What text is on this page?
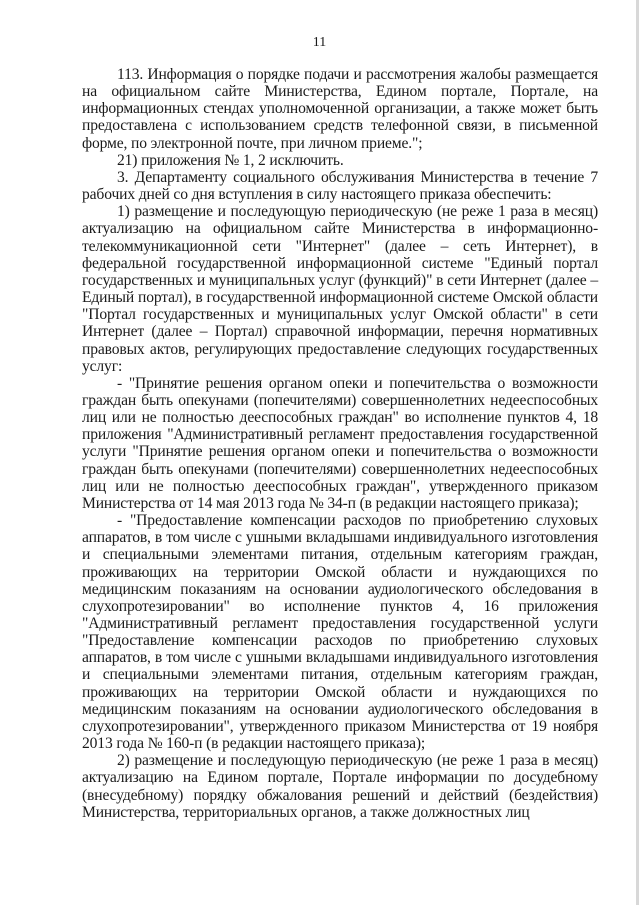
11

113. Информация о порядке подачи и рассмотрения жалобы размещается на официальном сайте Министерства, Едином портале, Портале, на информационных стендах уполномоченной организации, а также может быть предоставлена с использованием средств телефонной связи, в письменной форме, по электронной почте, при личном приеме.";

21) приложения № 1, 2 исключить.

3. Департаменту социального обслуживания Министерства в течение 7 рабочих дней со дня вступления в силу настоящего приказа обеспечить:

1) размещение и последующую периодическую (не реже 1 раза в месяц) актуализацию на официальном сайте Министерства в информационно-телекоммуникационной сети "Интернет" (далее – сеть Интернет), в федеральной государственной информационной системе "Единый портал государственных и муниципальных услуг (функций)" в сети Интернет (далее – Единый портал), в государственной информационной системе Омской области "Портал государственных и муниципальных услуг Омской области" в сети Интернет (далее – Портал) справочной информации, перечня нормативных правовых актов, регулирующих предоставление следующих государственных услуг:

- "Принятие решения органом опеки и попечительства о возможности граждан быть опекунами (попечителями) совершеннолетних недееспособных лиц или не полностью дееспособных граждан" во исполнение пунктов 4, 18 приложения "Административный регламент предоставления государственной услуги "Принятие решения органом опеки и попечительства о возможности граждан быть опекунами (попечителями) совершеннолетних недееспособных лиц или не полностью дееспособных граждан", утвержденного приказом Министерства от 14 мая 2013 года № 34-п (в редакции настоящего приказа);

- "Предоставление компенсации расходов по приобретению слуховых аппаратов, в том числе с ушными вкладышами индивидуального изготовления и специальными элементами питания, отдельным категориям граждан, проживающих на территории Омской области и нуждающихся по медицинским показаниям на основании аудиологического обследования в слухопротезировании" во исполнение пунктов 4, 16 приложения "Административный регламент предоставления государственной услуги "Предоставление компенсации расходов по приобретению слуховых аппаратов, в том числе с ушными вкладышами индивидуального изготовления и специальными элементами питания, отдельным категориям граждан, проживающих на территории Омской области и нуждающихся по медицинским показаниям на основании аудиологического обследования в слухопротезировании", утвержденного приказом Министерства от 19 ноября 2013 года № 160-п (в редакции настоящего приказа);

2) размещение и последующую периодическую (не реже 1 раза в месяц) актуализацию на Едином портале, Портале информации по досудебному (внесудебному) порядку обжалования решений и действий (бездействия) Министерства, территориальных органов, а также должностных лиц
